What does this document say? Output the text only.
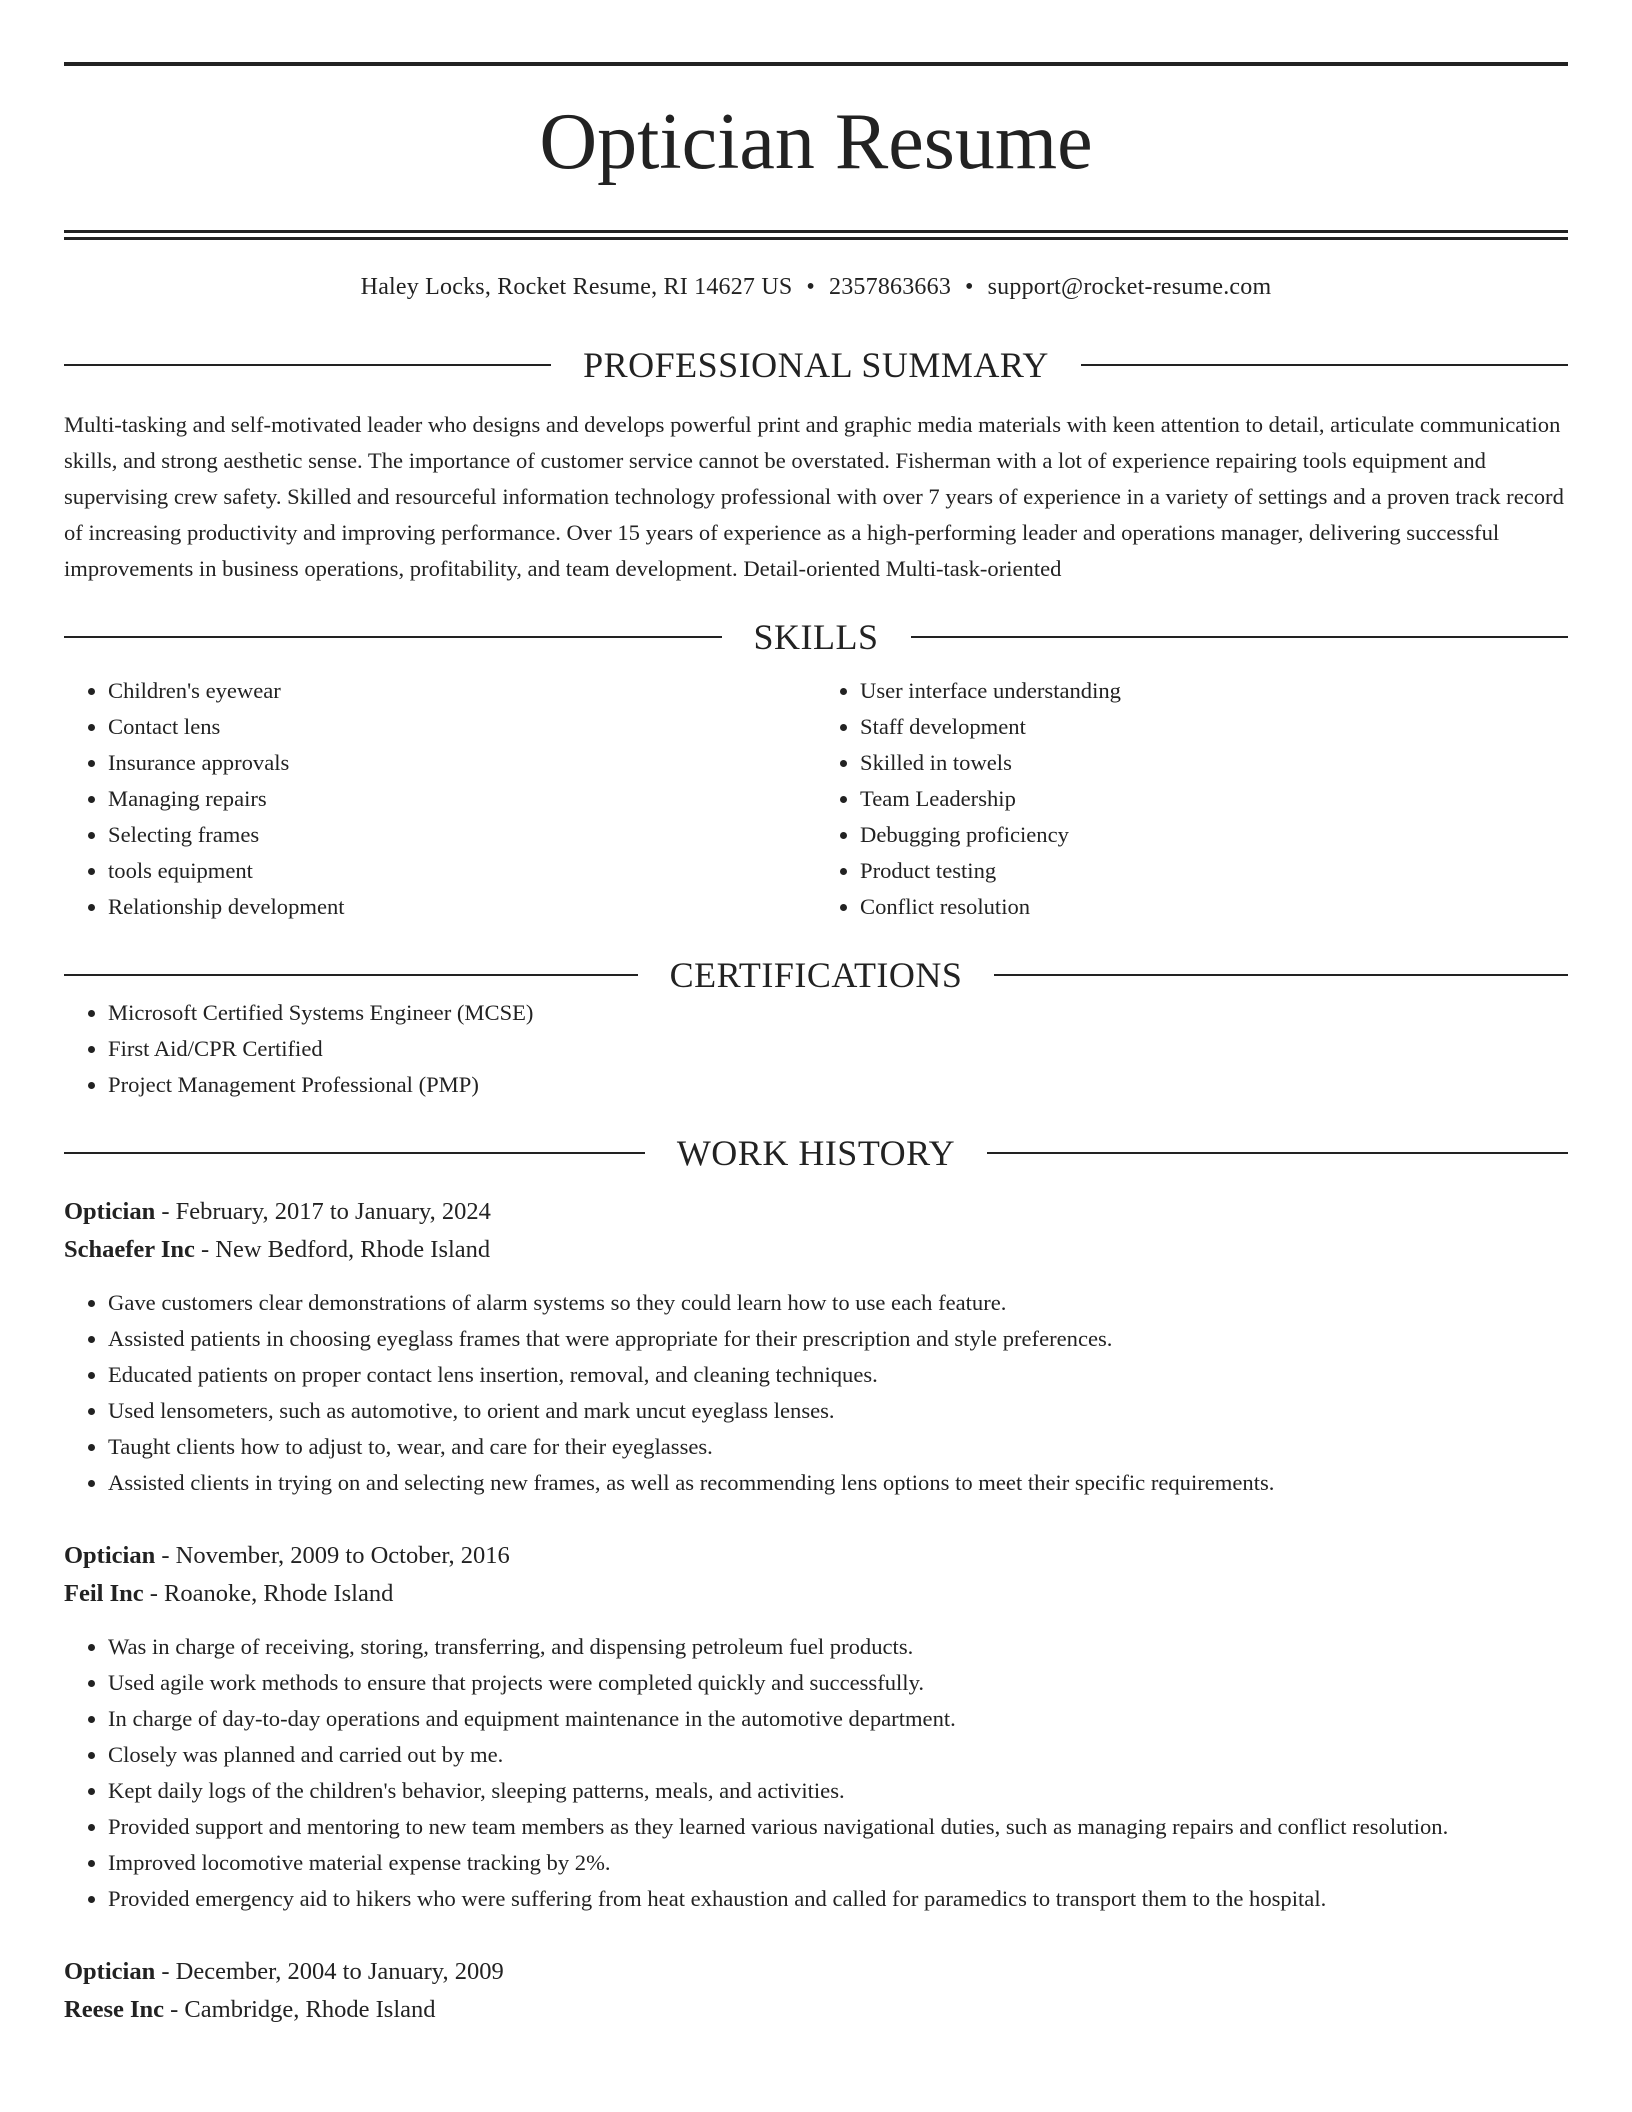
Optician Resume
Haley Locks, Rocket Resume, RI 14627 US • 2357863663 • support@rocket-resume.com
PROFESSIONAL SUMMARY
Multi-tasking and self-motivated leader who designs and develops powerful print and graphic media materials with keen attention to detail, articulate communication skills, and strong aesthetic sense. The importance of customer service cannot be overstated. Fisherman with a lot of experience repairing tools equipment and supervising crew safety. Skilled and resourceful information technology professional with over 7 years of experience in a variety of settings and a proven track record of increasing productivity and improving performance. Over 15 years of experience as a high-performing leader and operations manager, delivering successful improvements in business operations, profitability, and team development. Detail-oriented Multi-task-oriented
SKILLS
• Children's eyewear
• Contact lens
• Insurance approvals
• Managing repairs
• Selecting frames
• tools equipment
• Relationship development
• User interface understanding
• Staff development
• Skilled in towels
• Team Leadership
• Debugging proficiency
• Product testing
• Conflict resolution
CERTIFICATIONS
• Microsoft Certified Systems Engineer (MCSE)
• First Aid/CPR Certified
• Project Management Professional (PMP)
WORK HISTORY
Optician - February, 2017 to January, 2024
Schaefer Inc - New Bedford, Rhode Island
• Gave customers clear demonstrations of alarm systems so they could learn how to use each feature.
• Assisted patients in choosing eyeglass frames that were appropriate for their prescription and style preferences.
• Educated patients on proper contact lens insertion, removal, and cleaning techniques.
• Used lensometers, such as automotive, to orient and mark uncut eyeglass lenses.
• Taught clients how to adjust to, wear, and care for their eyeglasses.
• Assisted clients in trying on and selecting new frames, as well as recommending lens options to meet their specific requirements.
Optician - November, 2009 to October, 2016
Feil Inc - Roanoke, Rhode Island
• Was in charge of receiving, storing, transferring, and dispensing petroleum fuel products.
• Used agile work methods to ensure that projects were completed quickly and successfully.
• In charge of day-to-day operations and equipment maintenance in the automotive department.
• Closely was planned and carried out by me.
• Kept daily logs of the children's behavior, sleeping patterns, meals, and activities.
• Provided support and mentoring to new team members as they learned various navigational duties, such as managing repairs and conflict resolution.
• Improved locomotive material expense tracking by 2%.
• Provided emergency aid to hikers who were suffering from heat exhaustion and called for paramedics to transport them to the hospital.
Optician - December, 2004 to January, 2009
Reese Inc - Cambridge, Rhode Island
